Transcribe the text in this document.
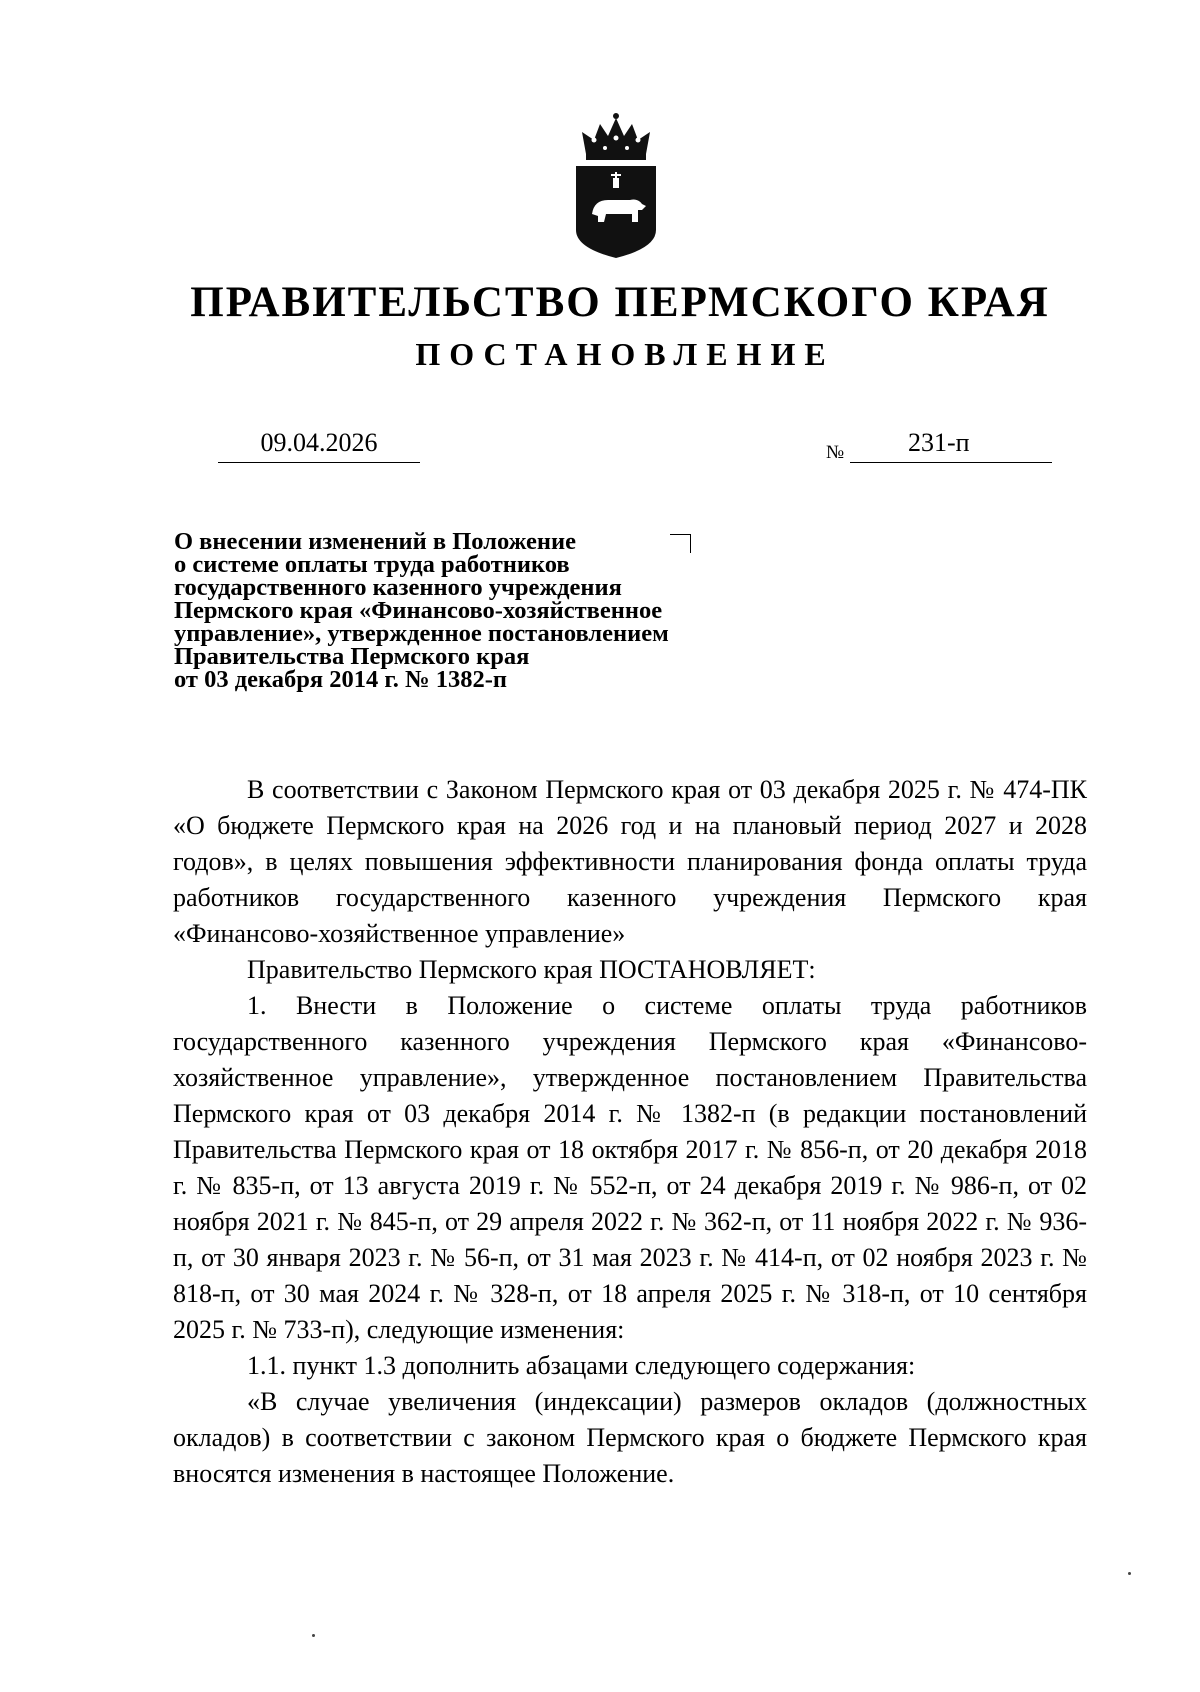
ПРАВИТЕЛЬСТВО ПЕРМСКОГО КРАЯ
ПОСТАНОВЛЕНИЕ
09.04.2026	№ 231-п
О внесении изменений в Положение
о системе оплаты труда работников
государственного казенного учреждения
Пермского края «Финансово-хозяйственное
управление», утвержденное постановлением
Правительства Пермского края
от 03 декабря 2014 г. № 1382-п

В соответствии с Законом Пермского края от 03 декабря 2025 г. № 474-ПК «О бюджете Пермского края на 2026 год и на плановый период 2027 и 2028 годов», в целях повышения эффективности планирования фонда оплаты труда работников государственного казенного учреждения Пермского края «Финансово-хозяйственное управление»

Правительство Пермского края ПОСТАНОВЛЯЕТ:

1. Внести в Положение о системе оплаты труда работников государственного казенного учреждения Пермского края «Финансово-хозяйственное управление», утвержденное постановлением Правительства Пермского края от 03 декабря 2014 г. № 1382-п (в редакции постановлений Правительства Пермского края от 18 октября 2017 г. № 856-п, от 20 декабря 2018 г. № 835-п, от 13 августа 2019 г. № 552-п, от 24 декабря 2019 г. № 986-п, от 02 ноября 2021 г. № 845-п, от 29 апреля 2022 г. № 362-п, от 11 ноября 2022 г. № 936-п, от 30 января 2023 г. № 56-п, от 31 мая 2023 г. № 414-п, от 02 ноября 2023 г. № 818-п, от 30 мая 2024 г. № 328-п, от 18 апреля 2025 г. № 318-п, от 10 сентября 2025 г. № 733-п), следующие изменения:

1.1. пункт 1.3 дополнить абзацами следующего содержания:

«В случае увеличения (индексации) размеров окладов (должностных окладов) в соответствии с законом Пермского края о бюджете Пермского края вносятся изменения в настоящее Положение.
